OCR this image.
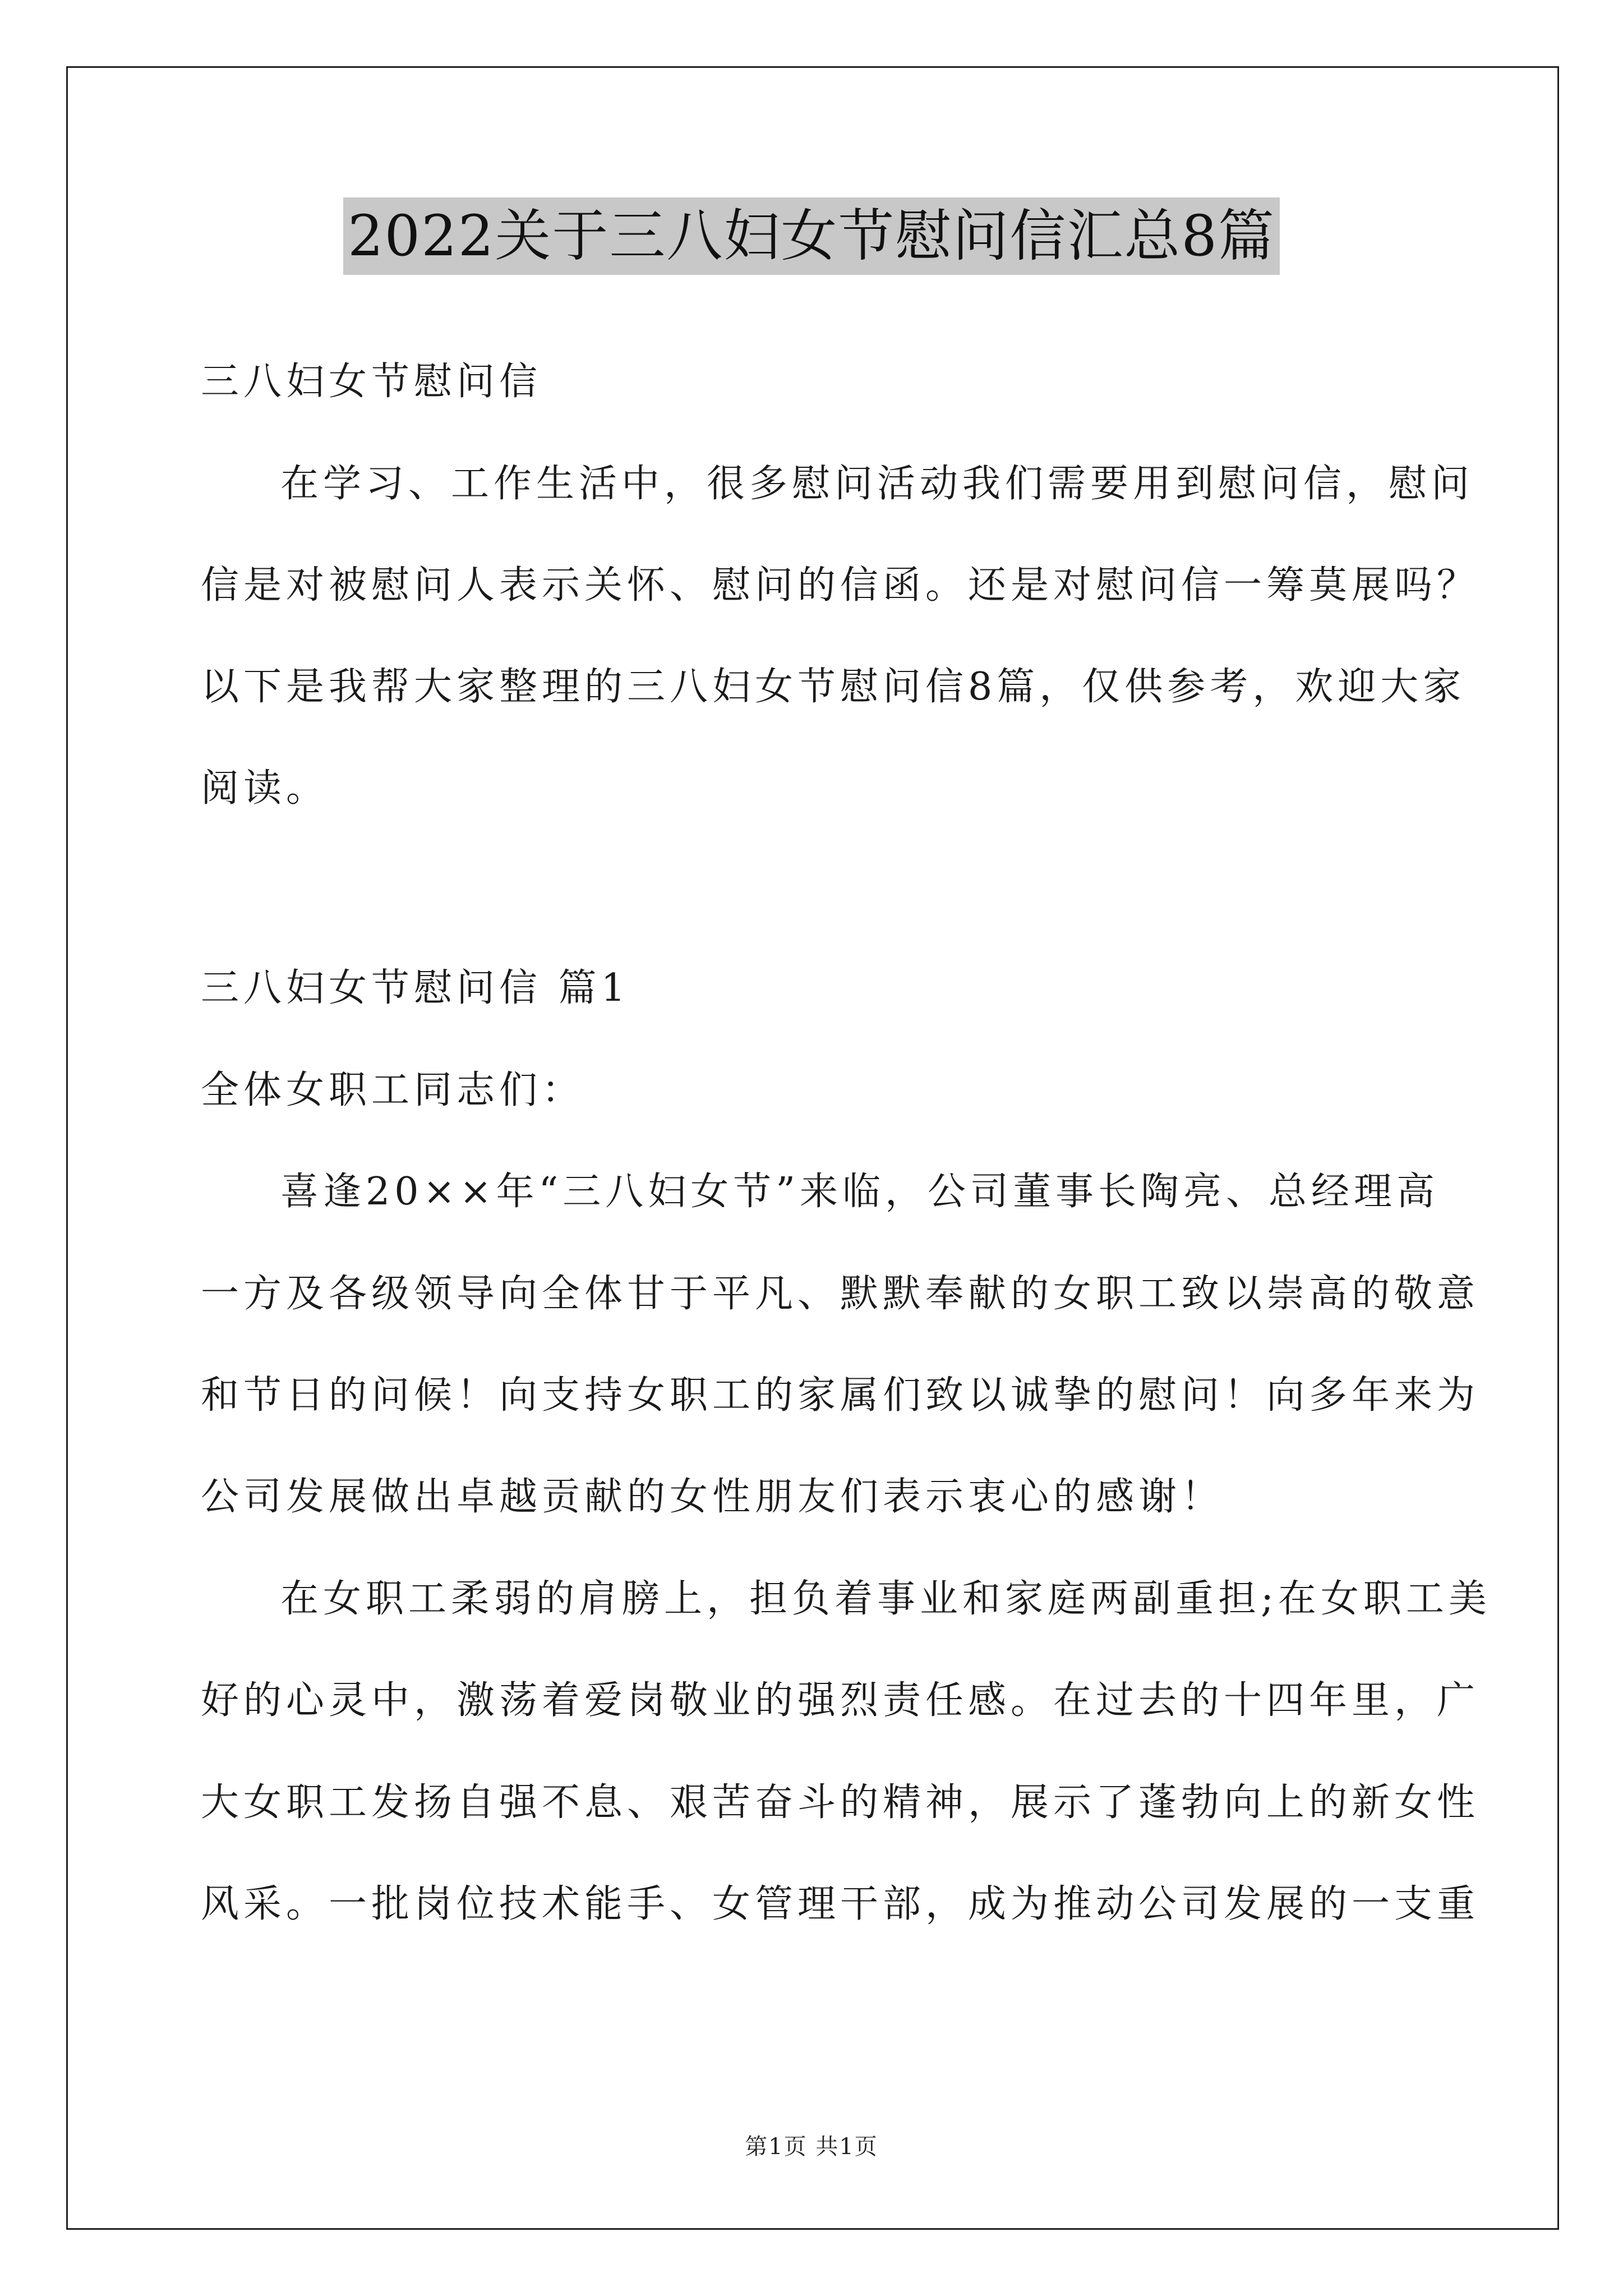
2022关于三八妇女节慰问信汇总8篇
三八妇女节慰问信
在学习、工作生活中，很多慰问活动我们需要用到慰问信，慰问
信是对被慰问人表示关怀、慰问的信函。还是对慰问信一筹莫展吗？
以下是我帮大家整理的三八妇女节慰问信8篇，仅供参考，欢迎大家
阅读。
三八妇女节慰问信 篇1
全体女职工同志们：
喜逢20××年“三八妇女节”来临，公司董事长陶亮、总经理高
一方及各级领导向全体甘于平凡、默默奉献的女职工致以崇高的敬意
和节日的问候！向支持女职工的家属们致以诚挚的慰问！向多年来为
公司发展做出卓越贡献的女性朋友们表示衷心的感谢！
在女职工柔弱的肩膀上，担负着事业和家庭两副重担;在女职工美
好的心灵中，激荡着爱岗敬业的强烈责任感。在过去的十四年里，广
大女职工发扬自强不息、艰苦奋斗的精神，展示了蓬勃向上的新女性
风采。一批岗位技术能手、女管理干部，成为推动公司发展的一支重
第1页 共1页
